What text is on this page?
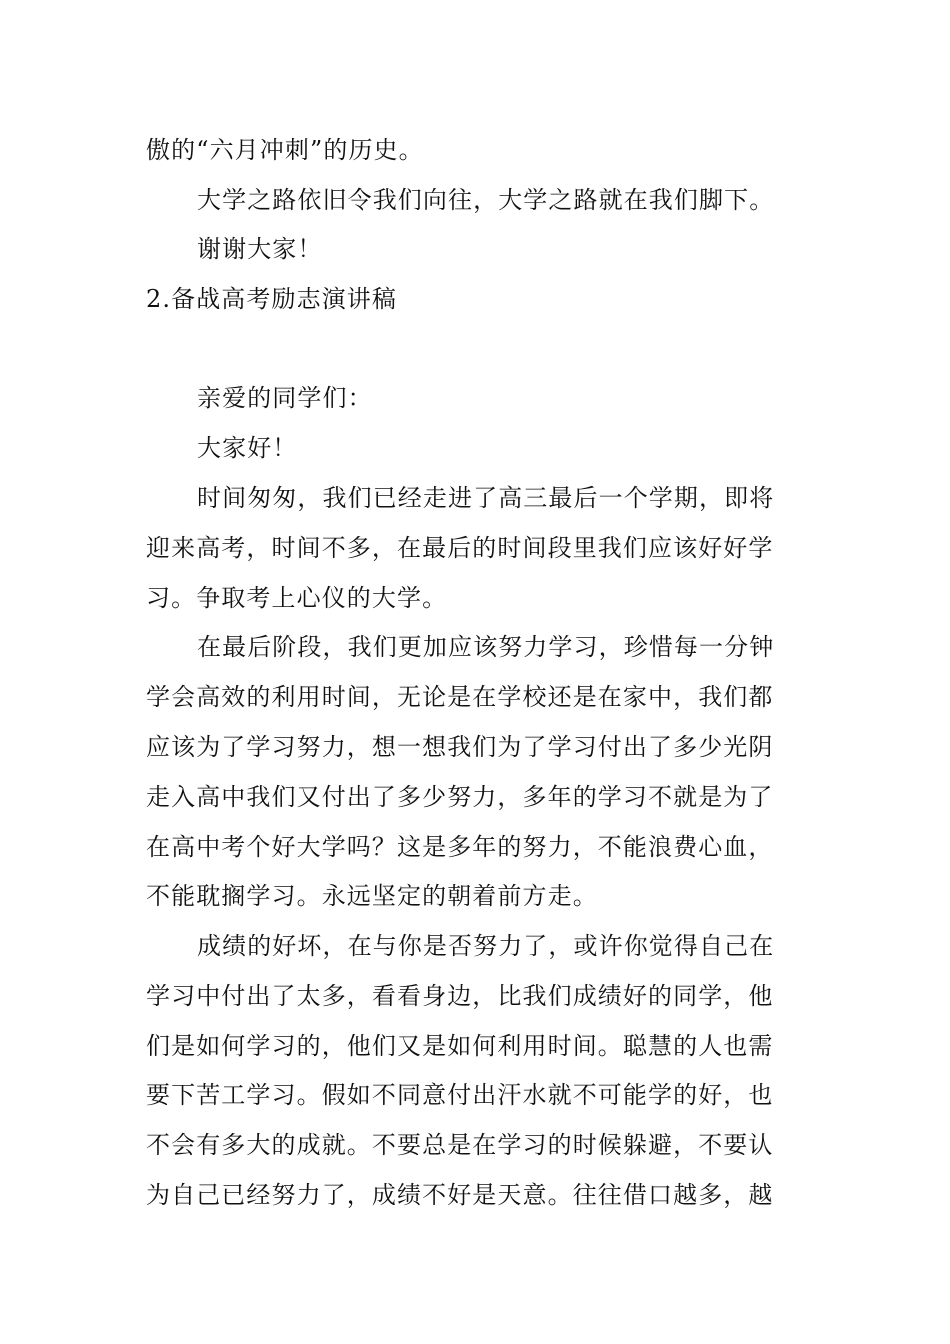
傲的“六月冲刺”的历史。

大学之路依旧令我们向往，大学之路就在我们脚下。

谢谢大家！

2.备战高考励志演讲稿

亲爱的同学们：

大家好！

时间匆匆，我们已经走进了高三最后一个学期，即将

迎来高考，时间不多，在最后的时间段里我们应该好好学

习。争取考上心仪的大学。

在最后阶段，我们更加应该努力学习，珍惜每一分钟

学会高效的利用时间，无论是在学校还是在家中，我们都

应该为了学习努力，想一想我们为了学习付出了多少光阴

走入高中我们又付出了多少努力，多年的学习不就是为了

在高中考个好大学吗？这是多年的努力，不能浪费心血，

不能耽搁学习。永远坚定的朝着前方走。

成绩的好坏，在与你是否努力了，或许你觉得自己在

学习中付出了太多，看看身边，比我们成绩好的同学，他

们是如何学习的，他们又是如何利用时间。聪慧的人也需

要下苦工学习。假如不同意付出汗水就不可能学的好，也

不会有多大的成就。不要总是在学习的时候躲避，不要认

为自己已经努力了，成绩不好是天意。往往借口越多，越
